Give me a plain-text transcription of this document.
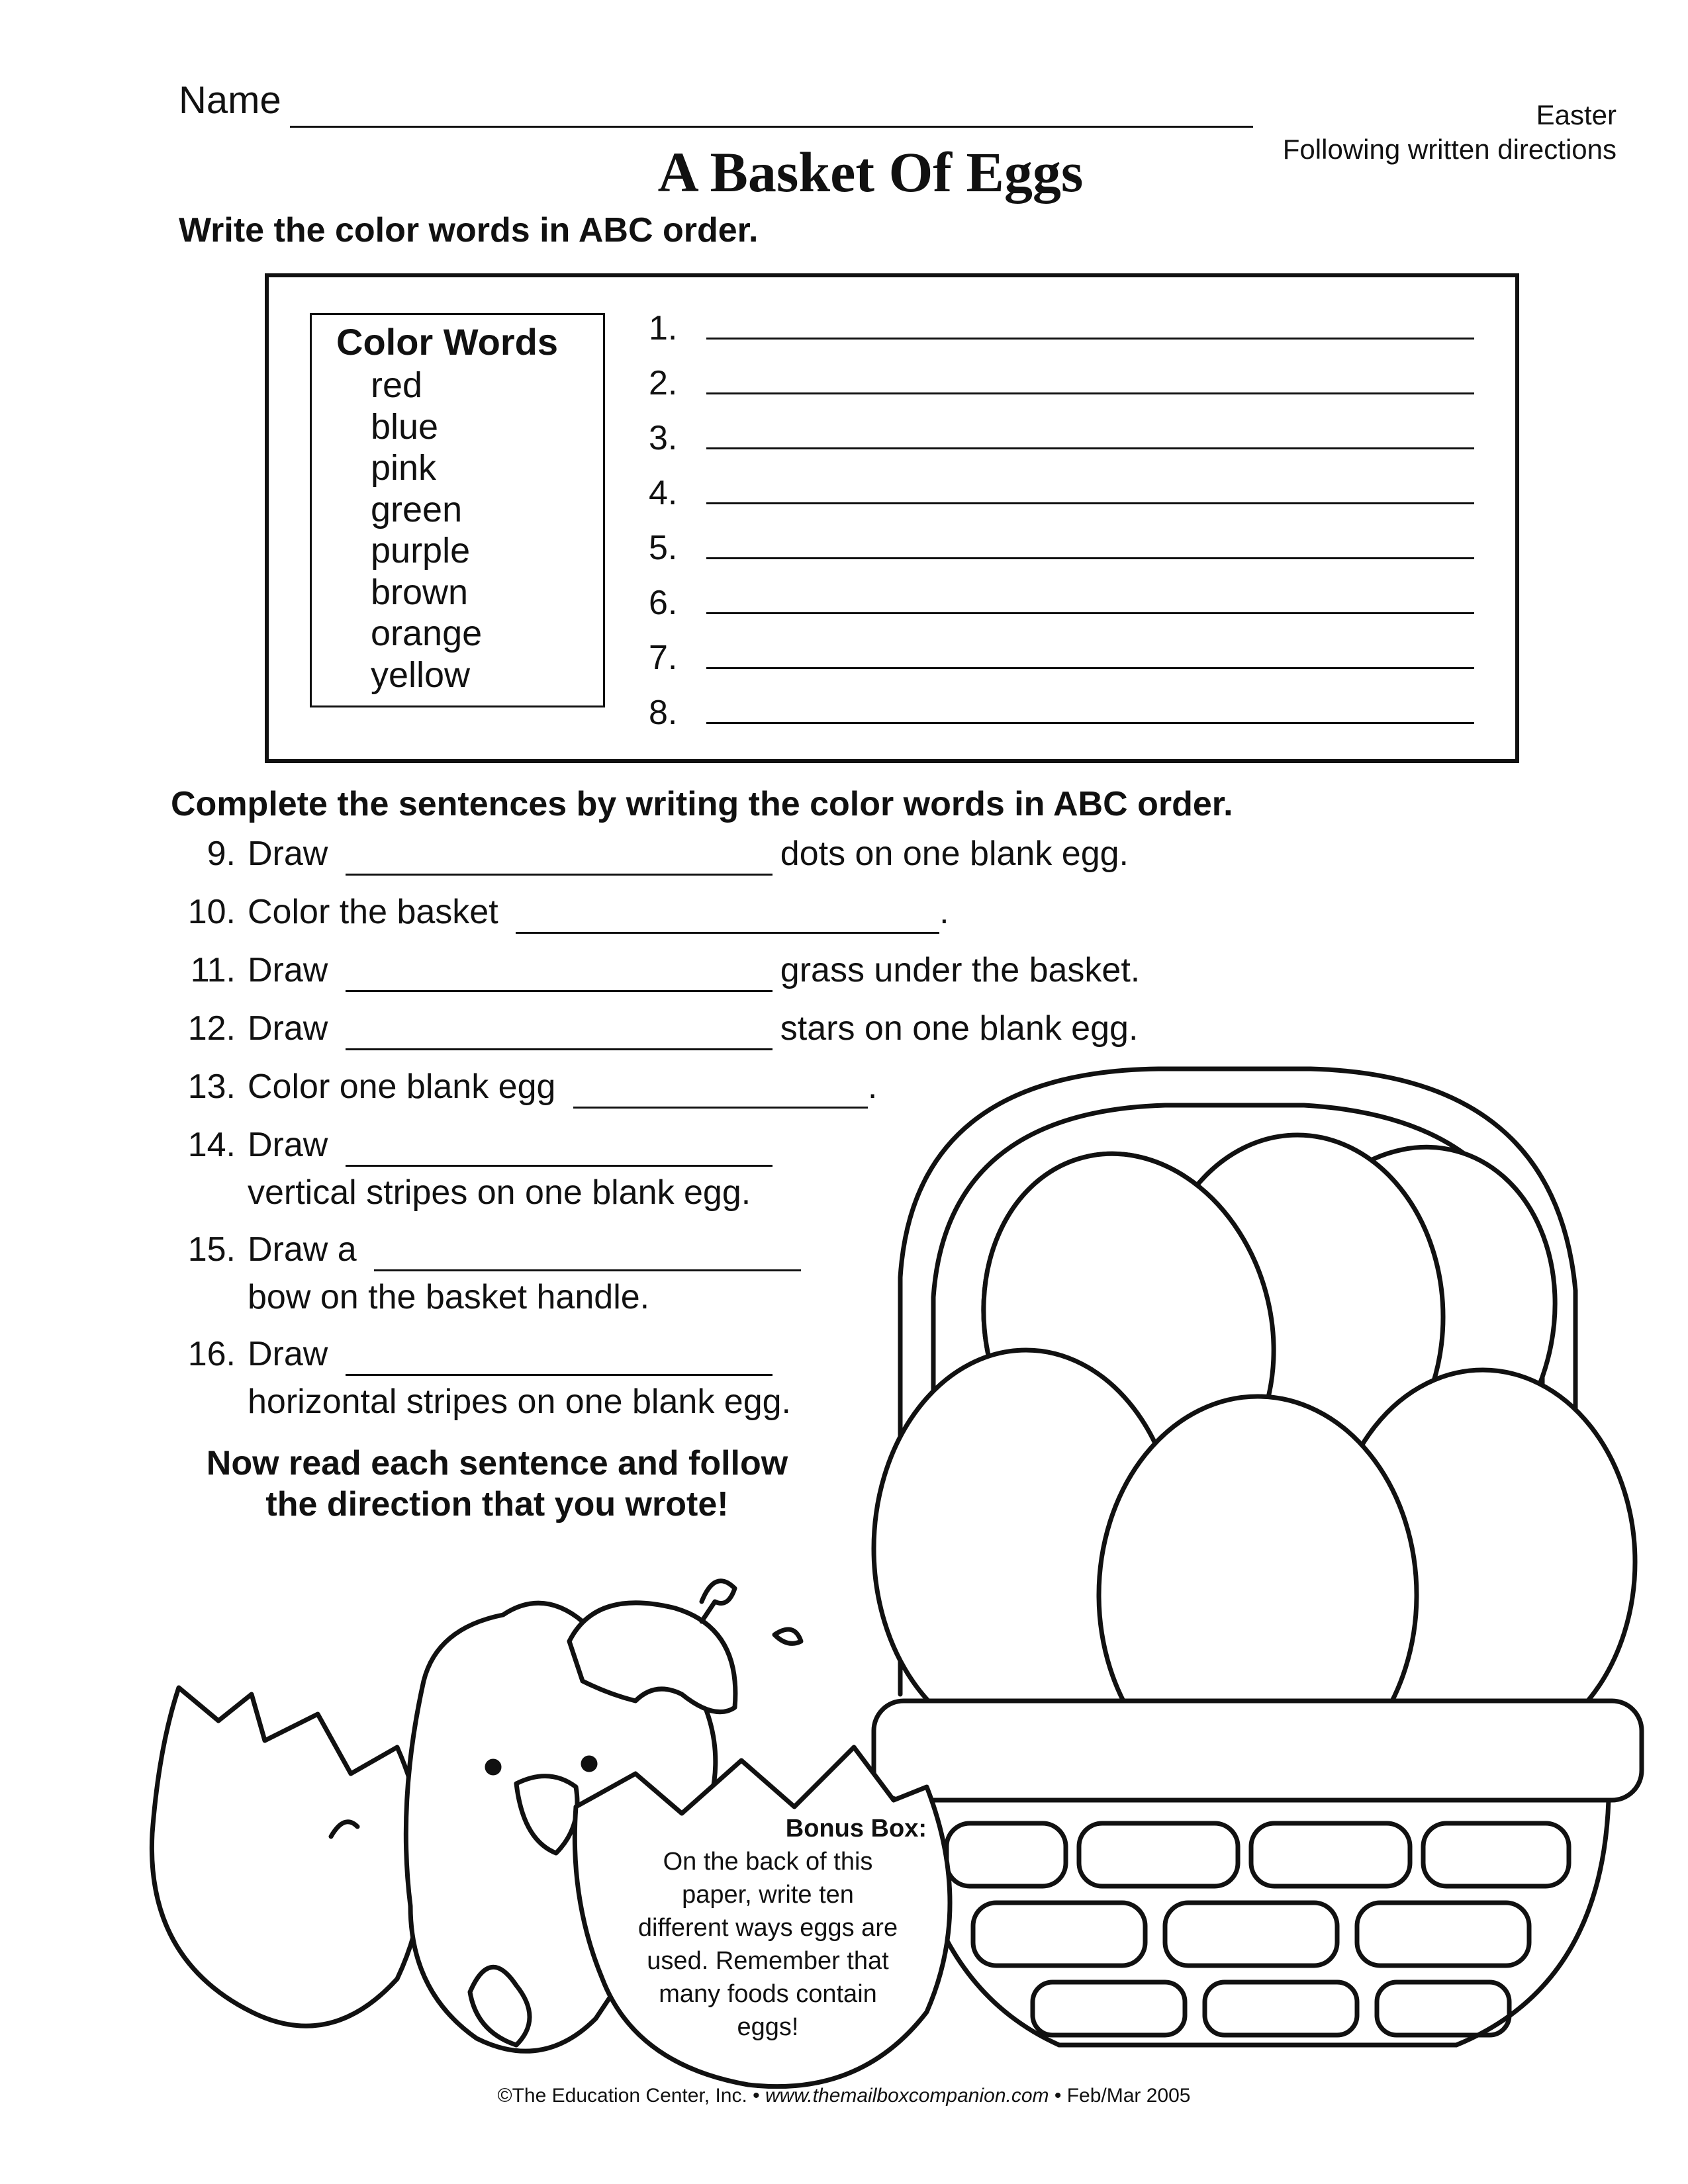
Name	Easter
Following written directions
A Basket Of Eggs
Write the color words in ABC order.
Color Words
red
blue
pink
green
purple
brown
orange
yellow
1.
2.
3.
4.
5.
6.
7.
8.
Complete the sentences by writing the color words in ABC order.
9. Draw	dots on one blank egg.
10. Color the basket	.
11. Draw	grass under the basket.
12. Draw	stars on one blank egg.
13. Color one blank egg	.
14. Draw
vertical stripes on one blank egg.
15. Draw a
bow on the basket handle.
16. Draw
horizontal stripes on one blank egg.
Now read each sentence and follow
the direction that you wrote!
Bonus Box:
On the back of this
paper, write ten
different ways eggs are
used. Remember that
many foods contain
eggs!
©The Education Center, Inc. • www.themailboxcompanion.com • Feb/Mar 2005
